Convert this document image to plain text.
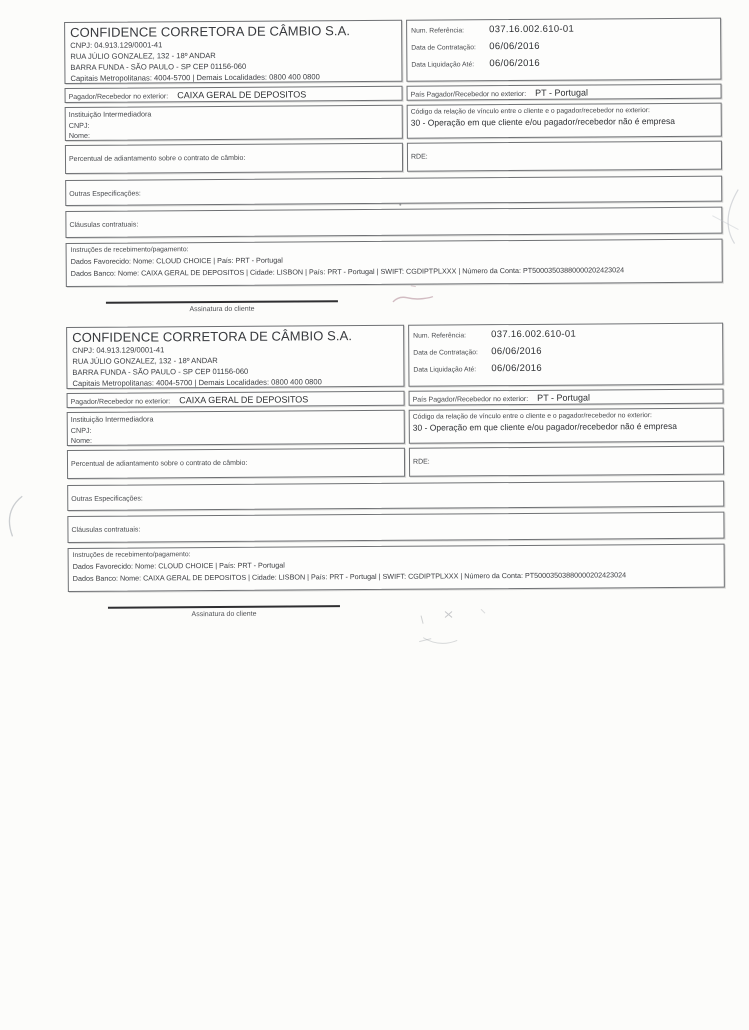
CONFIDENCE CORRETORA DE CÂMBIO S.A.
CNPJ: 04.913.129/0001-41
RUA JÚLIO GONZALEZ, 132 - 18º ANDAR
BARRA FUNDA - SÃO PAULO - SP CEP 01156-060
Capitais Metropolitanas: 4004-5700 | Demais Localidades: 0800 400 0800
Num. Referência:	037.16.002.610-01
Data de Contratação:	06/06/2016
Data Liquidação Até:	06/06/2016
Pagador/Recebedor no exterior: CAIXA GERAL DE DEPOSITOS	País Pagador/Recebedor no exterior: PT - Portugal
Instituição Intermediadora
CNPJ:
Nome:
Código da relação de vínculo entre o cliente e o pagador/recebedor no exterior:
30 - Operação em que cliente e/ou pagador/recebedor não é empresa
Percentual de adiantamento sobre o contrato de câmbio:	RDE:
Outras Especificações:
Cláusulas contratuais:
Instruções de recebimento/pagamento:
Dados Favorecido: Nome: CLOUD CHOICE | País: PRT - Portugal
Dados Banco: Nome: CAIXA GERAL DE DEPOSITOS | Cidade: LISBON | País: PRT - Portugal | SWIFT: CGDIPTPLXXX | Número da Conta: PT50003503880000202423024
Assinatura do cliente
CONFIDENCE CORRETORA DE CÂMBIO S.A.
CNPJ: 04.913.129/0001-41
RUA JÚLIO GONZALEZ, 132 - 18º ANDAR
BARRA FUNDA - SÃO PAULO - SP CEP 01156-060
Capitais Metropolitanas: 4004-5700 | Demais Localidades: 0800 400 0800
Num. Referência:	037.16.002.610-01
Data de Contratação:	06/06/2016
Data Liquidação Até:	06/06/2016
Pagador/Recebedor no exterior: CAIXA GERAL DE DEPOSITOS	País Pagador/Recebedor no exterior: PT - Portugal
Instituição Intermediadora
CNPJ:
Nome:
Código da relação de vínculo entre o cliente e o pagador/recebedor no exterior:
30 - Operação em que cliente e/ou pagador/recebedor não é empresa
Percentual de adiantamento sobre o contrato de câmbio:	RDE:
Outras Especificações:
Cláusulas contratuais:
Instruções de recebimento/pagamento:
Dados Favorecido: Nome: CLOUD CHOICE | País: PRT - Portugal
Dados Banco: Nome: CAIXA GERAL DE DEPOSITOS | Cidade: LISBON | País: PRT - Portugal | SWIFT: CGDIPTPLXXX | Número da Conta: PT50003503880000202423024
Assinatura do cliente
